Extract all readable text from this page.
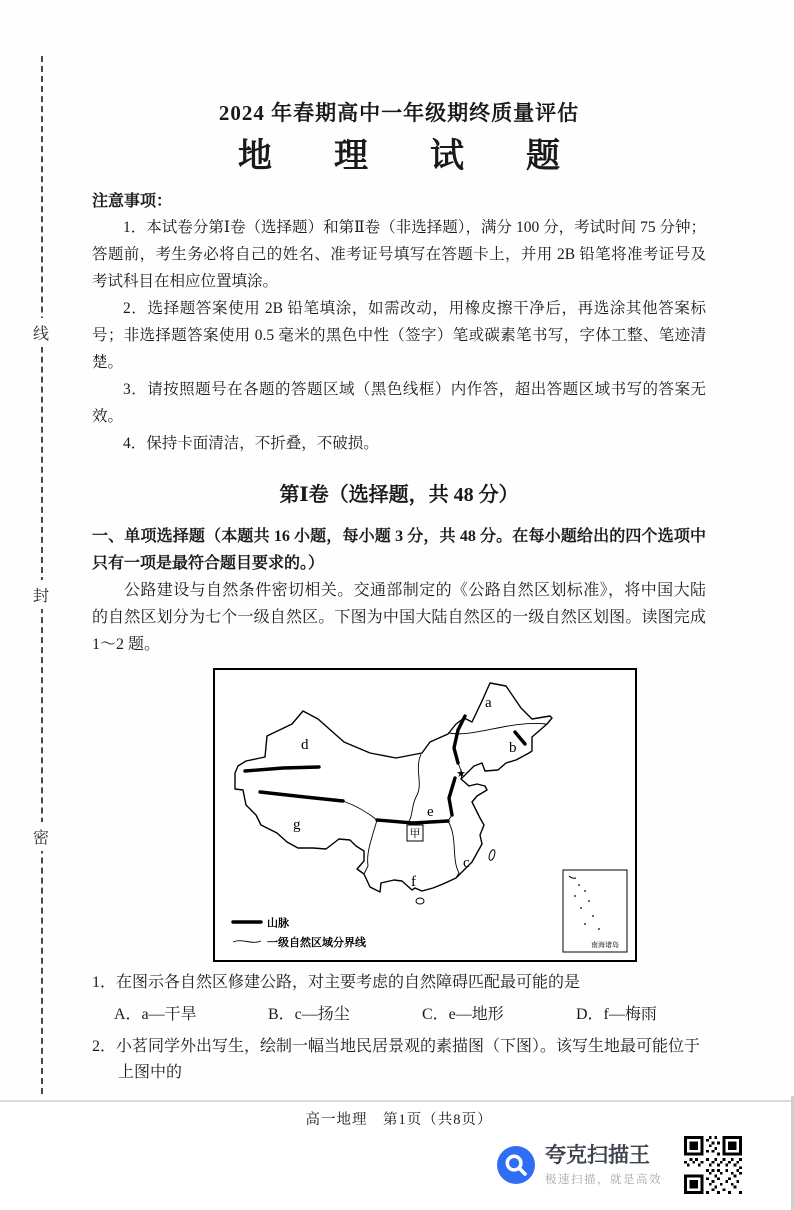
线
封
密
2024 年春期高中一年级期终质量评估
地　理　试　题
注意事项：

1．本试卷分第Ⅰ卷（选择题）和第Ⅱ卷（非选择题），满分 100 分，考试时间 75 分钟；答题前，考生务必将自己的姓名、准考证号填写在答题卡上，并用 2B 铅笔将准考证号及考试科目在相应位置填涂。

2．选择题答案使用 2B 铅笔填涂，如需改动，用橡皮擦干净后，再选涂其他答案标号；非选择题答案使用 0.5 毫米的黑色中性（签字）笔或碳素笔书写，字体工整、笔迹清楚。

3．请按照题号在各题的答题区域（黑色线框）内作答，超出答题区域书写的答案无效。

4．保持卡面清洁，不折叠，不破损。

第Ⅰ卷（选择题，共 48 分）

一、单项选择题（本题共 16 小题，每小题 3 分，共 48 分。在每小题给出的四个选项中只有一项是最符合题目要求的。）

公路建设与自然条件密切相关。交通部制定的《公路自然区划标准》，将中国大陆的自然区划分为七个一级自然区。下图为中国大陆自然区的一级自然区划图。读图完成 1～2 题。

a
b
d
g
e
f
c
★
甲
山脉
一级自然区域分界线	南海诸岛

1．在图示各自然区修建公路，对主要考虑的自然障碍匹配最可能的是

A．a—干旱	B．c—扬尘	C．e—地形	D．f—梅雨

2．小茗同学外出写生，绘制一幅当地民居景观的素描图（下图）。该写生地最可能位于上图中的

高一地理　第1页（共8页）
夸克扫描王
极速扫描，就是高效
